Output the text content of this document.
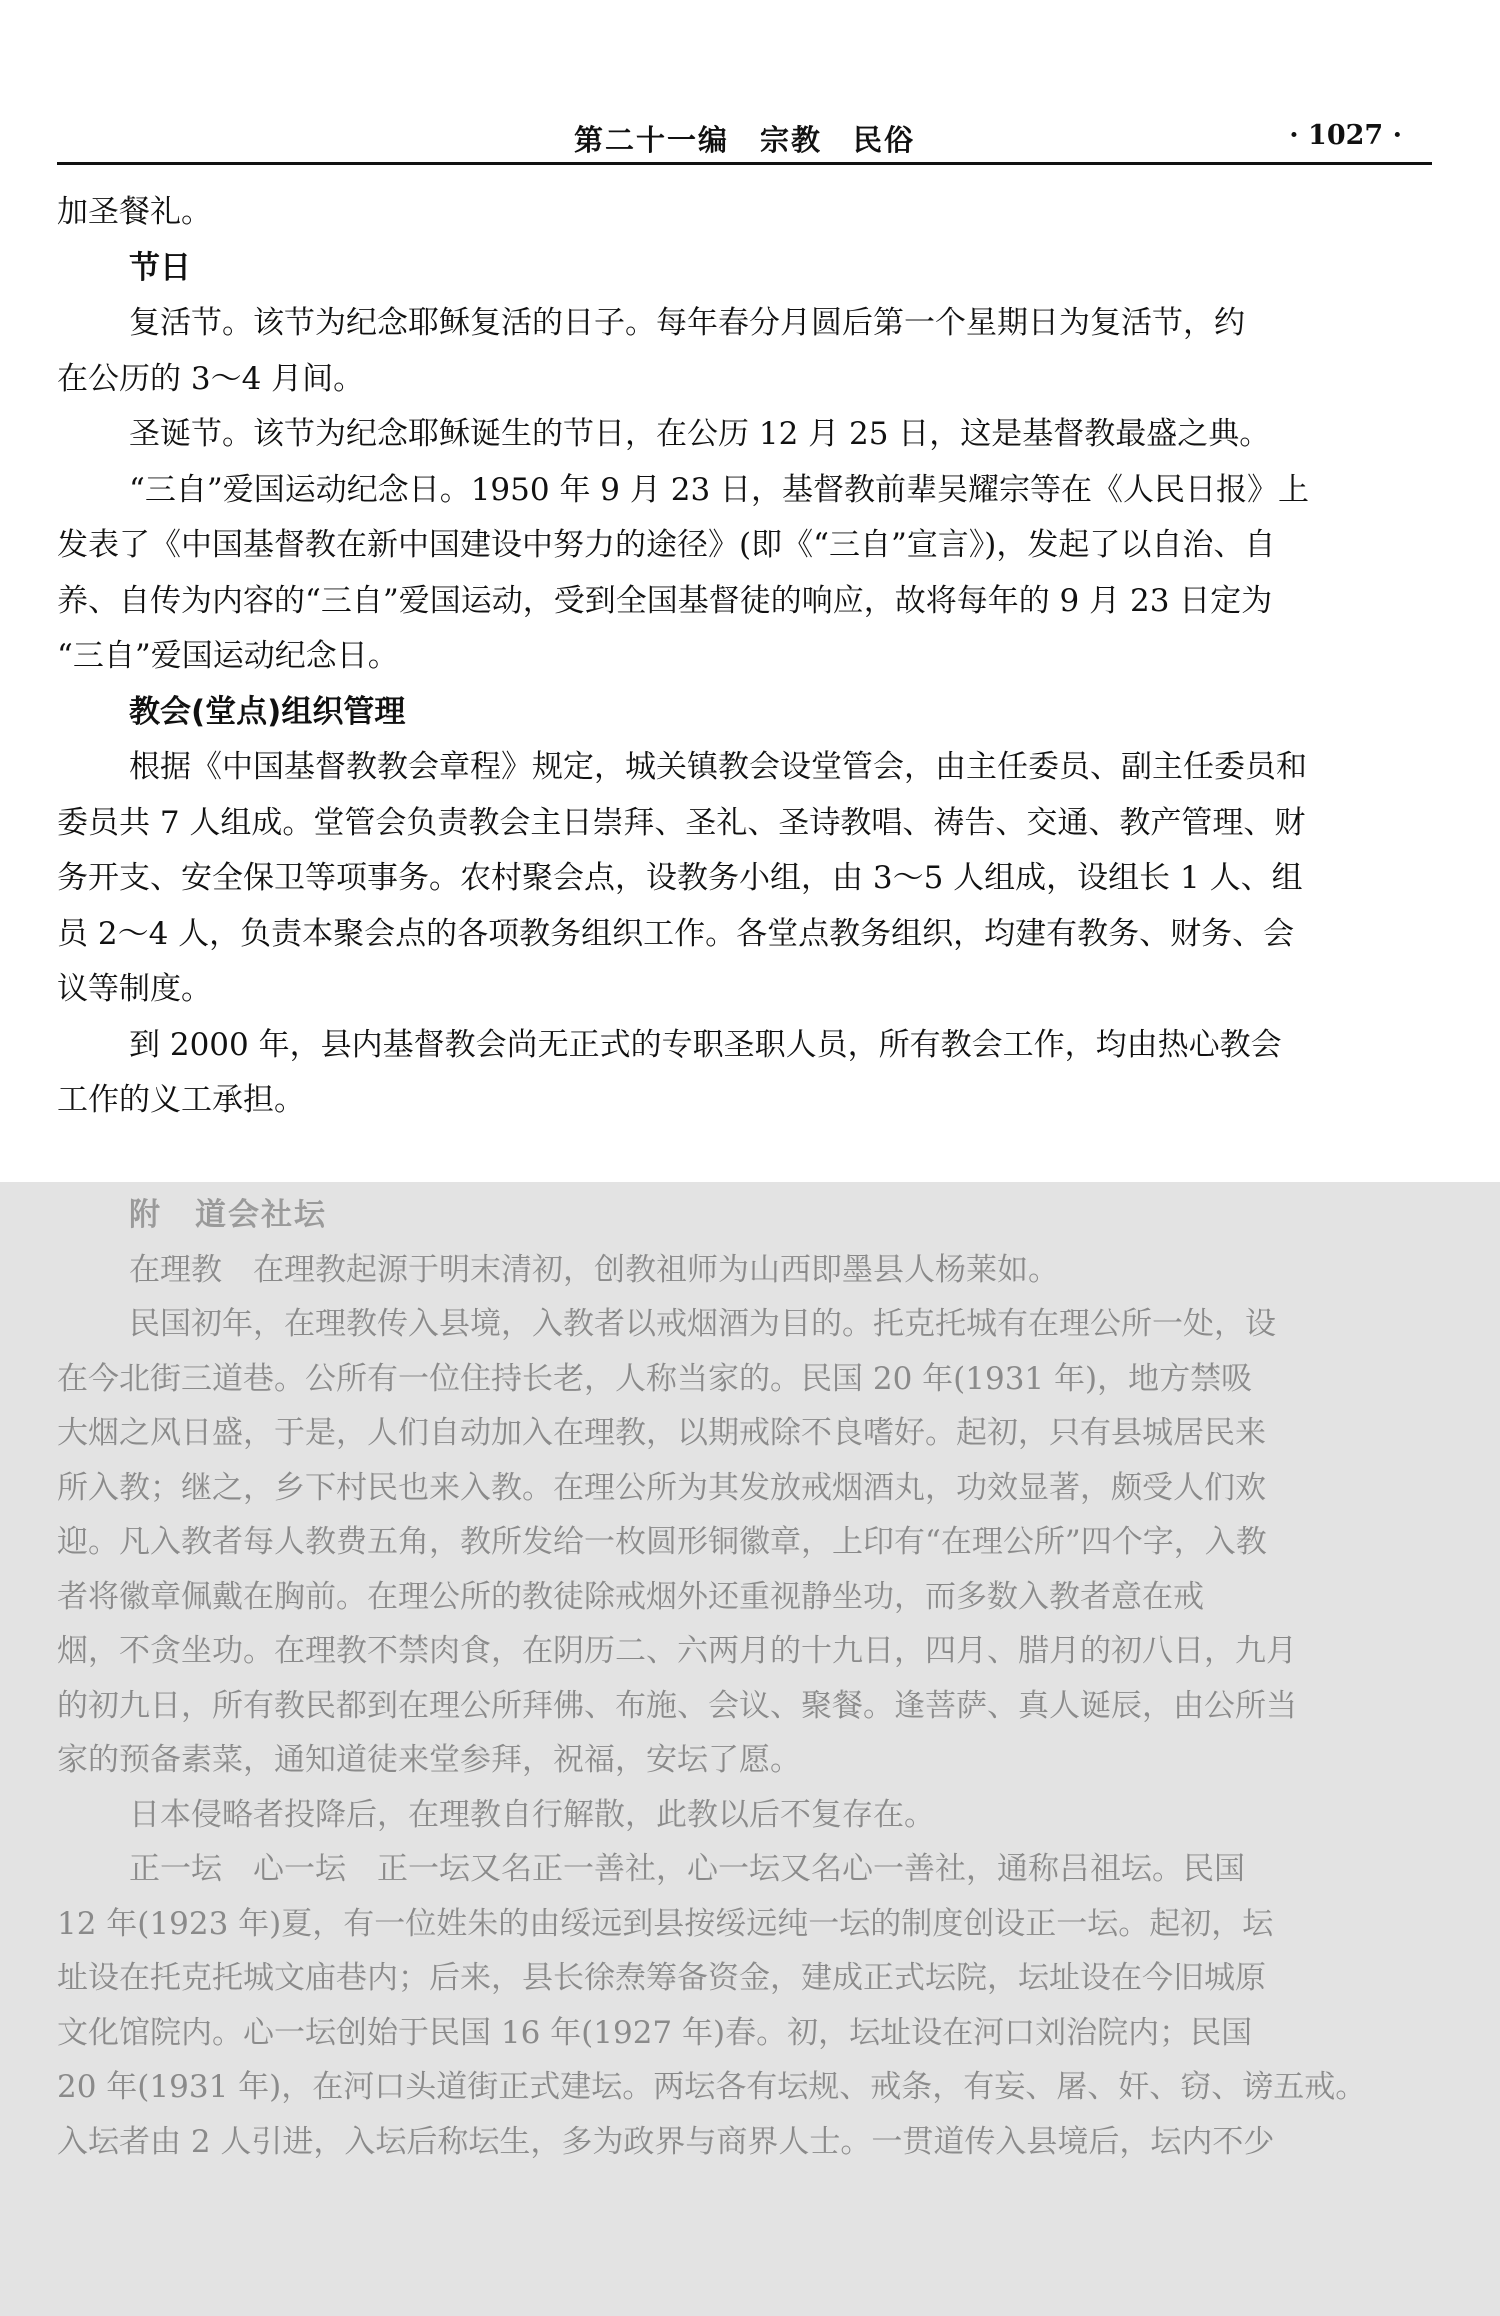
第二十一编　宗教　民俗	· 1027 ·
加圣餐礼。
节日
复活节。该节为纪念耶稣复活的日子。每年春分月圆后第一个星期日为复活节，约
在公历的 3～4 月间。
圣诞节。该节为纪念耶稣诞生的节日，在公历 12 月 25 日，这是基督教最盛之典。
“三自”爱国运动纪念日。1950 年 9 月 23 日，基督教前辈吴耀宗等在《人民日报》上
发表了《中国基督教在新中国建设中努力的途径》(即《“三自”宣言》)，发起了以自治、自
养、自传为内容的“三自”爱国运动，受到全国基督徒的响应，故将每年的 9 月 23 日定为
“三自”爱国运动纪念日。
教会(堂点)组织管理
根据《中国基督教教会章程》规定，城关镇教会设堂管会，由主任委员、副主任委员和
委员共 7 人组成。堂管会负责教会主日崇拜、圣礼、圣诗教唱、祷告、交通、教产管理、财
务开支、安全保卫等项事务。农村聚会点，设教务小组，由 3～5 人组成，设组长 1 人、组
员 2～4 人，负责本聚会点的各项教务组织工作。各堂点教务组织，均建有教务、财务、会
议等制度。
到 2000 年，县内基督教会尚无正式的专职圣职人员，所有教会工作，均由热心教会
工作的义工承担。
附　道会社坛
在理教　在理教起源于明末清初，创教祖师为山西即墨县人杨莱如。
民国初年，在理教传入县境，入教者以戒烟酒为目的。托克托城有在理公所一处，设
在今北街三道巷。公所有一位住持长老，人称当家的。民国 20 年(1931 年)，地方禁吸
大烟之风日盛，于是，人们自动加入在理教，以期戒除不良嗜好。起初，只有县城居民来
所入教；继之，乡下村民也来入教。在理公所为其发放戒烟酒丸，功效显著，颇受人们欢
迎。凡入教者每人教费五角，教所发给一枚圆形铜徽章，上印有“在理公所”四个字，入教
者将徽章佩戴在胸前。在理公所的教徒除戒烟外还重视静坐功，而多数入教者意在戒
烟，不贪坐功。在理教不禁肉食，在阴历二、六两月的十九日，四月、腊月的初八日，九月
的初九日，所有教民都到在理公所拜佛、布施、会议、聚餐。逢菩萨、真人诞辰，由公所当
家的预备素菜，通知道徒来堂参拜，祝福，安坛了愿。
日本侵略者投降后，在理教自行解散，此教以后不复存在。
正一坛　心一坛　正一坛又名正一善社，心一坛又名心一善社，通称吕祖坛。民国
12 年(1923 年)夏，有一位姓朱的由绥远到县按绥远纯一坛的制度创设正一坛。起初，坛
址设在托克托城文庙巷内；后来，县长徐焘筹备资金，建成正式坛院，坛址设在今旧城原
文化馆院内。心一坛创始于民国 16 年(1927 年)春。初，坛址设在河口刘治院内；民国
20 年(1931 年)，在河口头道街正式建坛。两坛各有坛规、戒条，有妄、屠、奸、窃、谤五戒。
入坛者由 2 人引进，入坛后称坛生，多为政界与商界人士。一贯道传入县境后，坛内不少
